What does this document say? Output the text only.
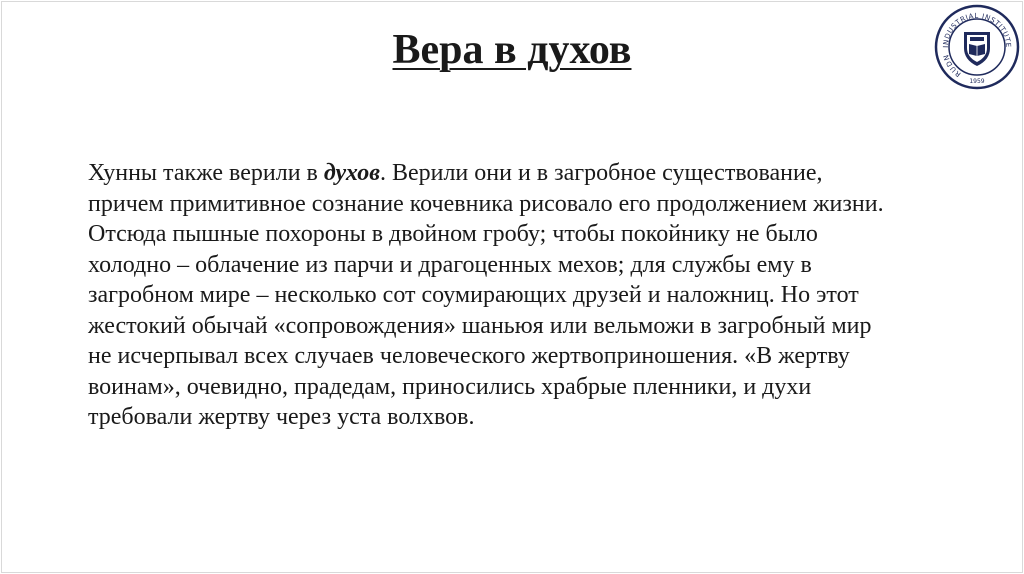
Вера в духов

Хунны также верили в духов. Верили они и в загробное существование,
причем примитивное сознание кочевника рисовало его продолжением жизни.
Отсюда пышные похороны в двойном гробу; чтобы покойнику не было
холодно – облачение из парчи и драгоценных мехов; для службы ему в
загробном мире – несколько сот соумирающих друзей и наложниц. Но этот
жестокий обычай «сопровождения» шаньюя или вельможи в загробный мир
не исчерпывал всех случаев человеческого жертвоприношения. «В жертву
воинам», очевидно, прадедам, приносились храбрые пленники, и духи
требовали жертву через уста волхвов.

INDUSTRIAL INSTITUTE
RUDN
1959
